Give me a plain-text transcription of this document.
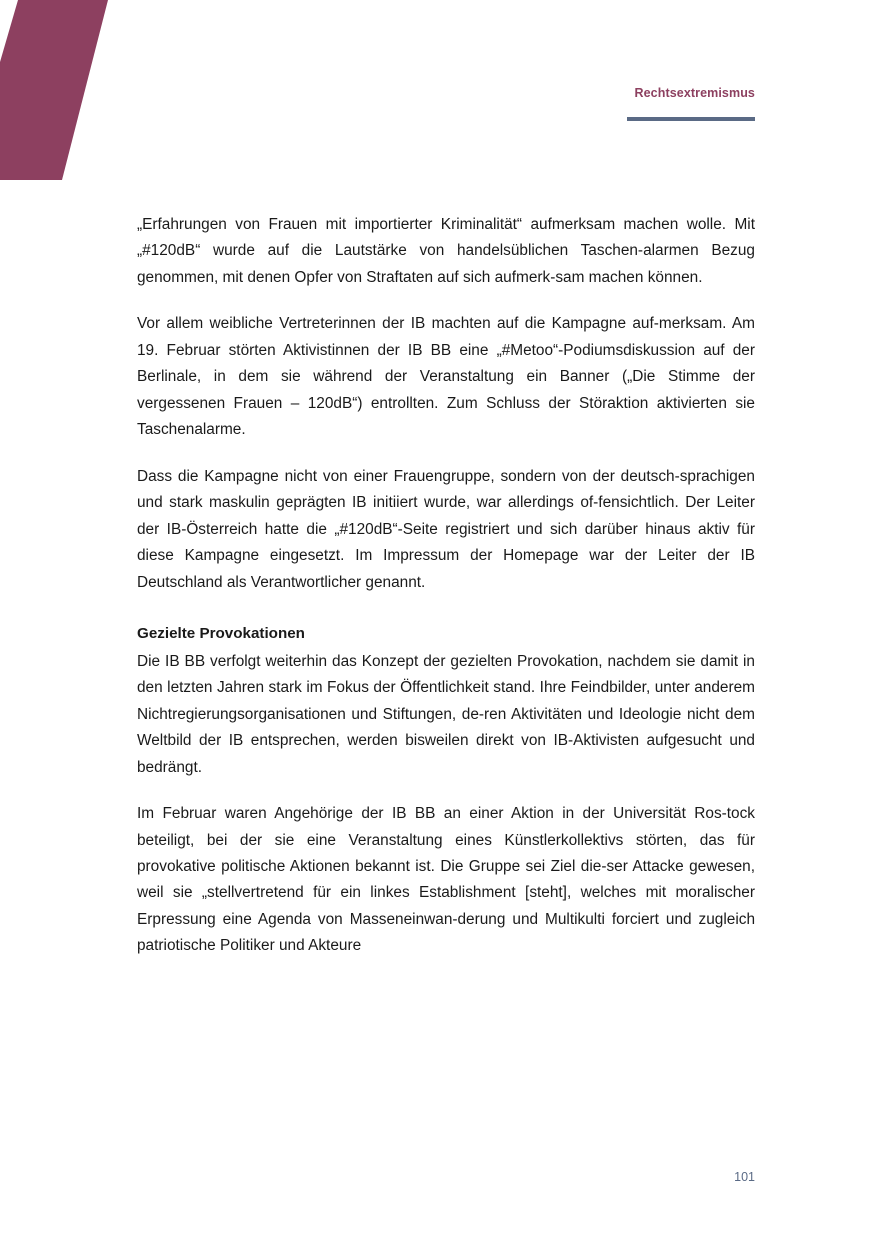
Rechtsextremismus

„Erfahrungen von Frauen mit importierter Kriminalität“ aufmerksam machen wolle. Mit „#120dB“ wurde auf die Lautstärke von handelsüblichen Taschen-alarmen Bezug genommen, mit denen Opfer von Straftaten auf sich aufmerk-sam machen können.

Vor allem weibliche Vertreterinnen der IB machten auf die Kampagne auf-merksam. Am 19. Februar störten Aktivistinnen der IB BB eine „#Metoo“-Podiumsdiskussion auf der Berlinale, in dem sie während der Veranstaltung ein Banner („Die Stimme der vergessenen Frauen – 120dB“) entrollten. Zum Schluss der Störaktion aktivierten sie Taschenalarme.

Dass die Kampagne nicht von einer Frauengruppe, sondern von der deutsch-sprachigen und stark maskulin geprägten IB initiiert wurde, war allerdings of-fensichtlich. Der Leiter der IB-Österreich hatte die „#120dB“-Seite registriert und sich darüber hinaus aktiv für diese Kampagne eingesetzt. Im Impressum der Homepage war der Leiter der IB Deutschland als Verantwortlicher genannt.

Gezielte Provokationen

Die IB BB verfolgt weiterhin das Konzept der gezielten Provokation, nachdem sie damit in den letzten Jahren stark im Fokus der Öffentlichkeit stand. Ihre Feindbilder, unter anderem Nichtregierungsorganisationen und Stiftungen, de-ren Aktivitäten und Ideologie nicht dem Weltbild der IB entsprechen, werden bisweilen direkt von IB-Aktivisten aufgesucht und bedrängt.

Im Februar waren Angehörige der IB BB an einer Aktion in der Universität Ros-tock beteiligt, bei der sie eine Veranstaltung eines Künstlerkollektivs störten, das für provokative politische Aktionen bekannt ist. Die Gruppe sei Ziel die-ser Attacke gewesen, weil sie „stellvertretend für ein linkes Establishment [steht], welches mit moralischer Erpressung eine Agenda von Masseneinwan-derung und Multikulti forciert und zugleich patriotische Politiker und Akteure

101
